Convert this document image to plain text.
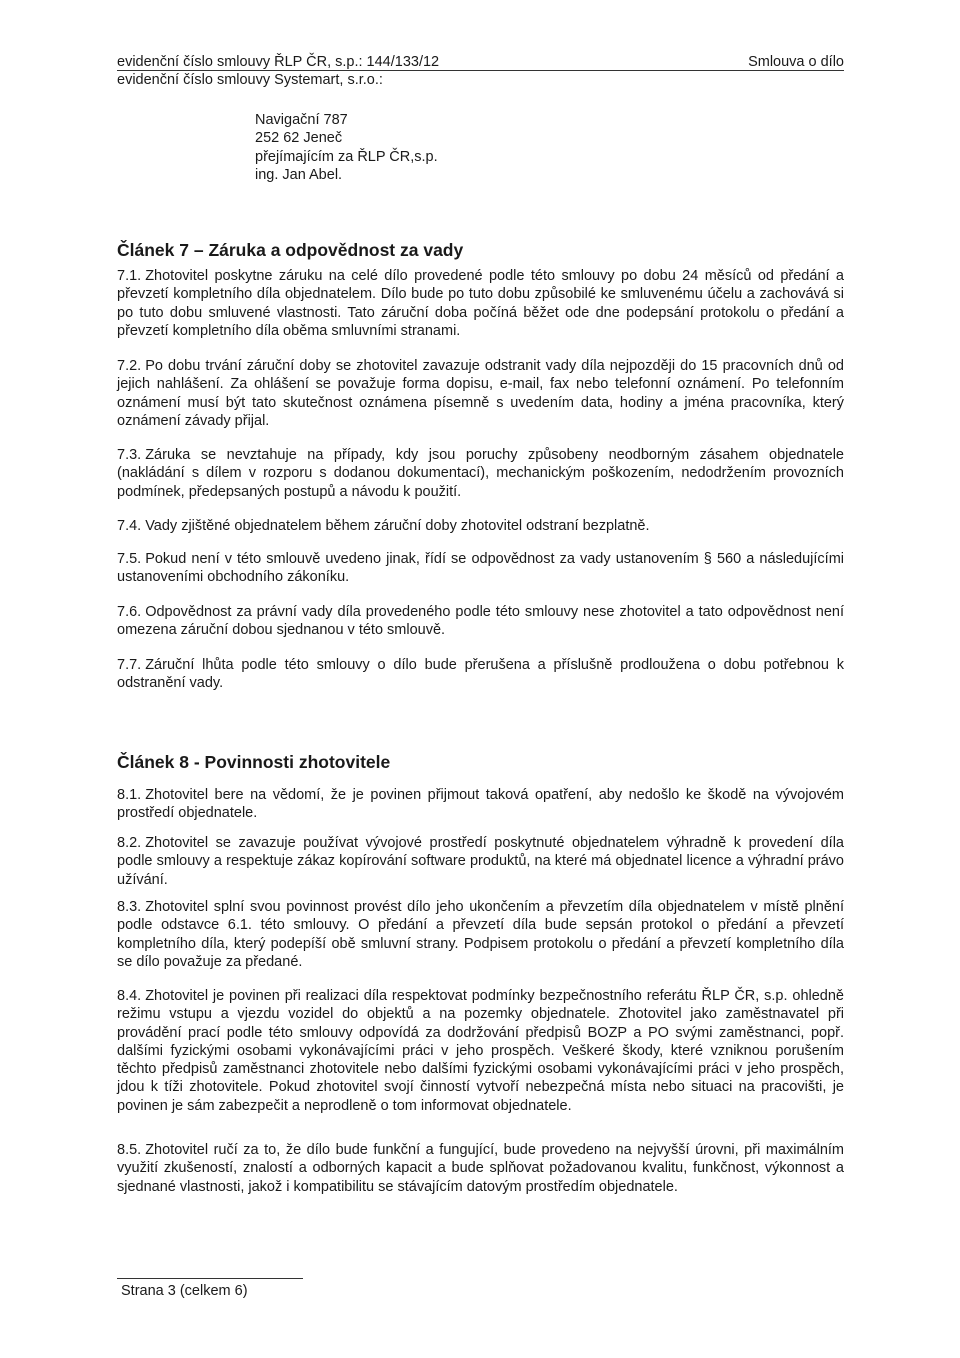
evidenční číslo smlouvy ŘLP ČR, s.p.: 144/133/12	Smlouva o dílo
evidenční číslo smlouvy Systemart, s.r.o.:
Navigační 787
252 62 Jeneč
přejímajícím za ŘLP ČR,s.p.
ing. Jan Abel.
Článek 7 – Záruka a odpovědnost za vady
7.1. Zhotovitel poskytne záruku na celé dílo provedené podle této smlouvy po dobu 24 měsíců od předání a převzetí kompletního díla objednatelem. Dílo bude po tuto dobu způsobilé ke smluvenému účelu a zachovává si po tuto dobu smluvené vlastnosti. Tato záruční doba počíná běžet ode dne podepsání protokolu o předání a převzetí kompletního díla oběma smluvními stranami.
7.2. Po dobu trvání záruční doby se zhotovitel zavazuje odstranit vady díla nejpozději do 15 pracovních dnů od jejich nahlášení. Za ohlášení se považuje forma dopisu, e-mail, fax nebo telefonní oznámení. Po telefonním oznámení musí být tato skutečnost oznámena písemně s uvedením data, hodiny a jména pracovníka, který oznámení závady přijal.
7.3. Záruka se nevztahuje na případy, kdy jsou poruchy způsobeny neodborným zásahem objednatele (nakládání s dílem v rozporu s dodanou dokumentací), mechanickým poškozením, nedodržením provozních podmínek, předepsaných postupů a návodu k použití.
7.4. Vady zjištěné objednatelem během záruční doby zhotovitel odstraní bezplatně.
7.5. Pokud není v této smlouvě uvedeno jinak, řídí se odpovědnost za vady ustanovením § 560 a následujícími ustanoveními obchodního zákoníku.
7.6. Odpovědnost za právní vady díla provedeného podle této smlouvy nese zhotovitel a tato odpovědnost není omezena záruční dobou sjednanou v této smlouvě.
7.7. Záruční lhůta podle této smlouvy o dílo bude přerušena a příslušně prodloužena o dobu potřebnou k odstranění vady.
Článek 8 - Povinnosti zhotovitele
8.1. Zhotovitel bere na vědomí, že je povinen přijmout taková opatření, aby nedošlo ke škodě na vývojovém prostředí objednatele.
8.2. Zhotovitel se zavazuje používat vývojové prostředí poskytnuté objednatelem výhradně k provedení díla podle smlouvy a respektuje zákaz kopírování software produktů, na které má objednatel licence a výhradní právo užívání.
8.3. Zhotovitel splní svou povinnost provést dílo jeho ukončením a převzetím díla objednatelem v místě plnění podle odstavce 6.1. této smlouvy. O předání a převzetí díla bude sepsán protokol o předání a převzetí kompletního díla, který podepíší obě smluvní strany. Podpisem protokolu o předání a převzetí kompletního díla se dílo považuje za předané.
8.4. Zhotovitel je povinen při realizaci díla respektovat podmínky bezpečnostního referátu ŘLP ČR, s.p. ohledně režimu vstupu a vjezdu vozidel do objektů a na pozemky objednatele. Zhotovitel jako zaměstnavatel při provádění prací podle této smlouvy odpovídá za dodržování předpisů BOZP a PO svými zaměstnanci, popř. dalšími fyzickými osobami vykonávajícími práci v jeho prospěch. Veškeré škody, které vzniknou porušením těchto předpisů zaměstnanci zhotovitele nebo dalšími fyzickými osobami vykonávajícími práci v jeho prospěch, jdou k tíži zhotovitele. Pokud zhotovitel svojí činností vytvoří nebezpečná místa nebo situaci na pracovišti, je povinen je sám zabezpečit a neprodleně o tom informovat objednatele.
8.5. Zhotovitel ručí za to, že dílo bude funkční a fungující, bude provedeno na nejvyšší úrovni, při maximálním využití zkušeností, znalostí a odborných kapacit a bude splňovat požadovanou kvalitu, funkčnost, výkonnost a sjednané vlastnosti, jakož i kompatibilitu se stávajícím datovým prostředím objednatele.
Strana 3 (celkem 6)
